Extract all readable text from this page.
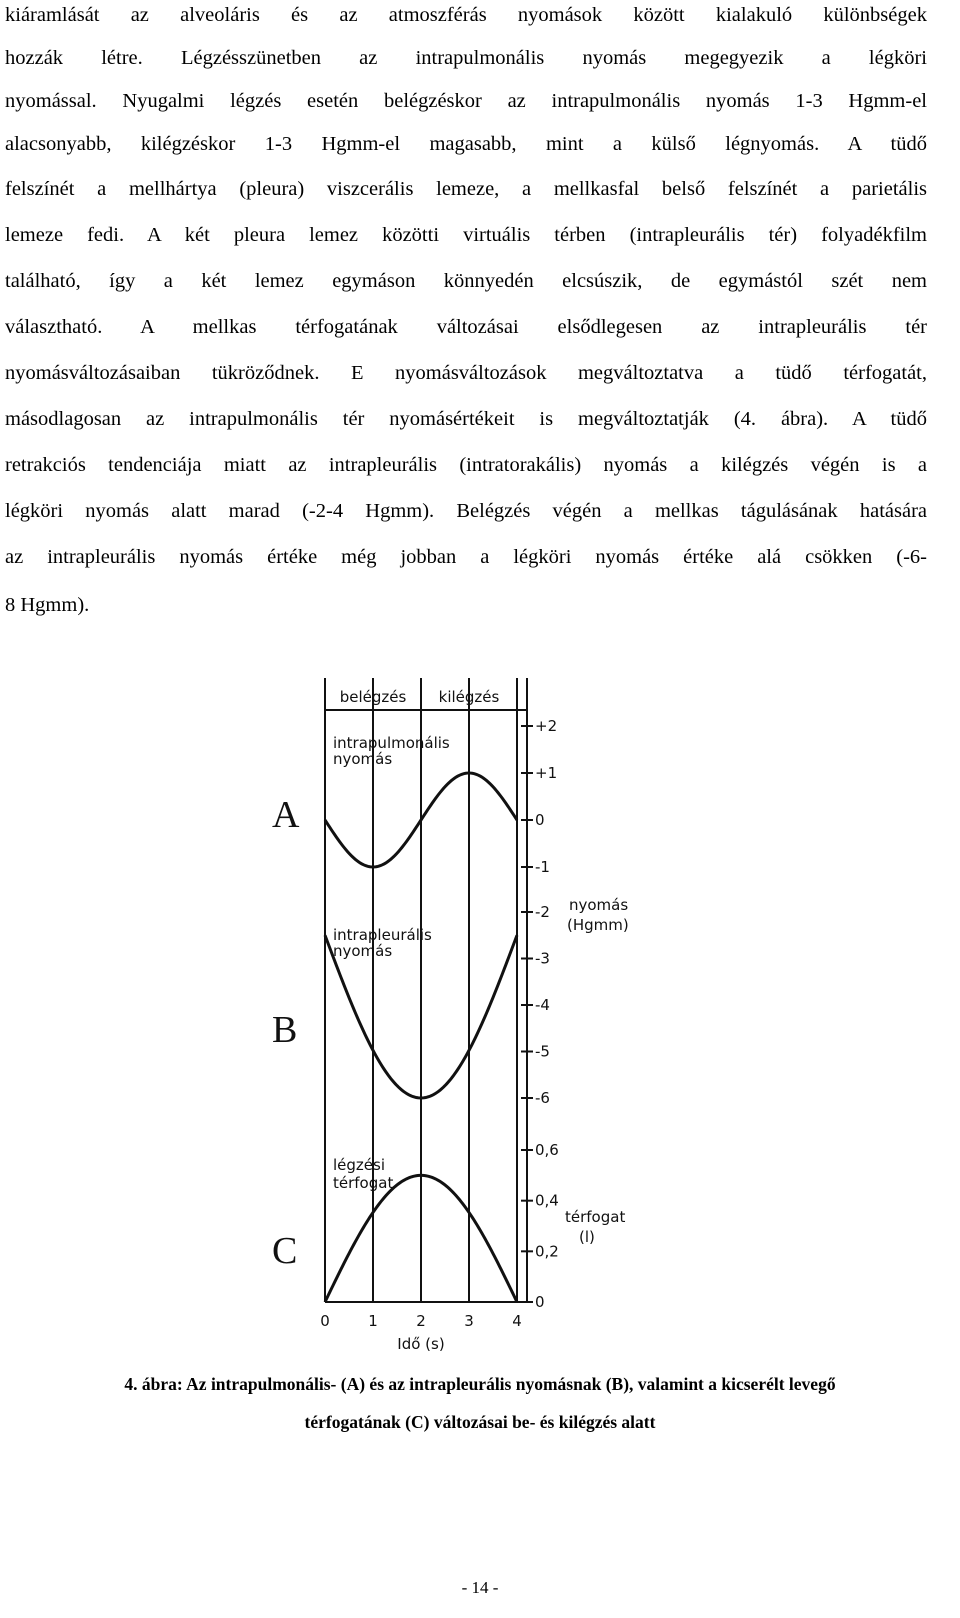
kiáramlását az alveoláris és az atmoszférás nyomások között kialakuló különbségek
hozzák létre. Légzésszünetben az intrapulmonális nyomás megegyezik a légköri
nyomással. Nyugalmi légzés esetén belégzéskor az intrapulmonális nyomás 1-3 Hgmm-el
alacsonyabb, kilégzéskor 1-3 Hgmm-el magasabb, mint a külső légnyomás. A tüdő
felszínét a mellhártya (pleura) viszcerális lemeze, a mellkasfal belső felszínét a parietális
lemeze fedi. A két pleura lemez közötti virtuális térben (intrapleurális tér) folyadékfilm
található, így a két lemez egymáson könnyedén elcsúszik, de egymástól szét nem
választható. A mellkas térfogatának változásai elsődlegesen az intrapleurális tér
nyomásváltozásaiban tükröződnek. E nyomásváltozások megváltoztatva a tüdő térfogatát,
másodlagosan az intrapulmonális tér nyomásértékeit is megváltoztatják (4. ábra). A tüdő
retrakciós tendenciája miatt az intrapleurális (intratorakális) nyomás a kilégzés végén is a
légköri nyomás alatt marad (-2-4 Hgmm). Belégzés végén a mellkas tágulásának hatására
az intrapleurális nyomás értéke még jobban a légköri nyomás értéke alá csökken (-6-
8 Hgmm).
belégzés kilégzés
+2
+1
0
-1
-2
-3
-4
-5
-6
0,6
0,4
0,2
0
0	1	2	3	4
Idő (s)
A
B
C
intrapulmonális
nyomás
intrapleurális
nyomás
légzési
térfogat
nyomás
(Hgmm)
térfogat
(l)
4. ábra: Az intrapulmonális- (A) és az intrapleurális nyomásnak (B), valamint a kicserélt levegő
térfogatának (C) változásai be- és kilégzés alatt
- 14 -
